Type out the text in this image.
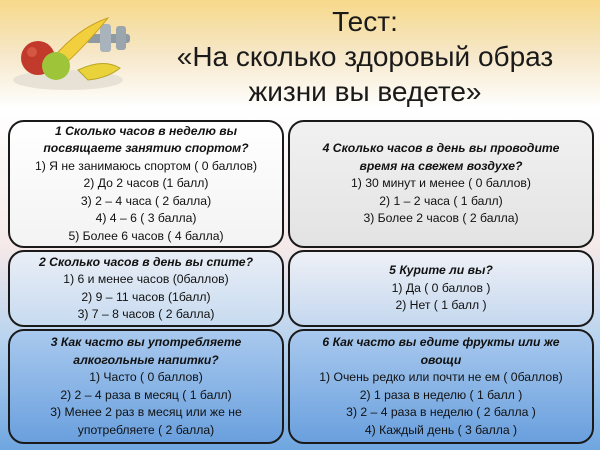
Тест:
«На сколько здоровый образ
жизни вы ведете»
1 Сколько часов в неделю вы
посвящаете занятию спортом?
1) Я не занимаюсь спортом ( 0 баллов)
2) До 2 часов (1 балл)
3) 2 – 4 часа ( 2 балла)
4) 4 – 6 ( 3 балла)
5) Более 6 часов ( 4 балла)
4 Сколько часов в день вы проводите
время на свежем воздухе?
1) 30 минут и менее ( 0 баллов)
2) 1 – 2 часа ( 1 балл)
3) Более 2 часов ( 2 балла)
2 Сколько часов в день вы спите?
1) 6 и менее часов (0баллов)
2) 9 – 11 часов (1балл)
3) 7 – 8 часов ( 2 балла)
5 Курите ли вы?
1) Да ( 0 баллов )
2) Нет ( 1 балл )
3 Как часто вы употребляете
алкогольные напитки?
1) Часто ( 0 баллов)
2) 2 – 4 раза в месяц ( 1 балл)
3) Менее 2 раз в месяц или же не
употребляете ( 2 балла)
6 Как часто вы едите фрукты или же
овощи
1) Очень редко или почти не ем ( 0баллов)
2) 1 раза в неделю ( 1 балл )
3) 2 – 4 раза в неделю ( 2 балла )
4) Каждый день ( 3 балла )
